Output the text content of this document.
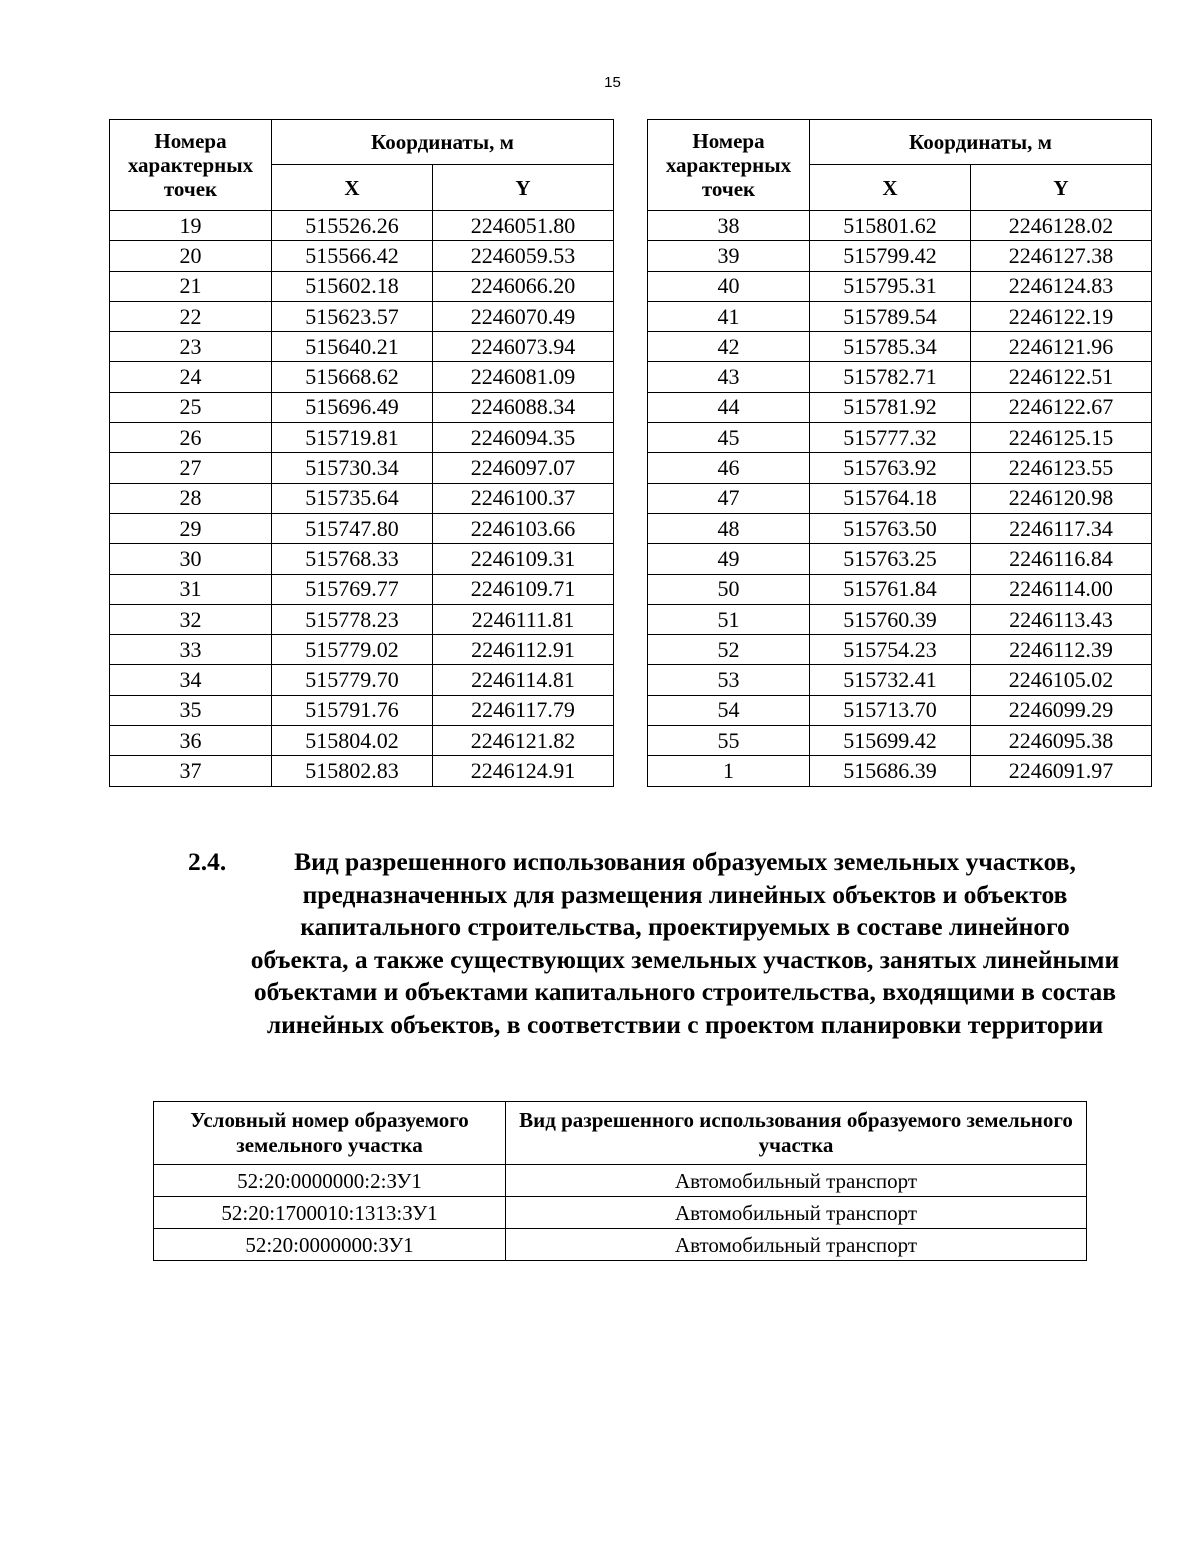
15
Номера характерных точек	Координаты, м	
	X	Y
19	515526.26	2246051.80
20	515566.42	2246059.53
21	515602.18	2246066.20
22	515623.57	2246070.49
23	515640.21	2246073.94
24	515668.62	2246081.09
25	515696.49	2246088.34
26	515719.81	2246094.35
27	515730.34	2246097.07
28	515735.64	2246100.37
29	515747.80	2246103.66
30	515768.33	2246109.31
31	515769.77	2246109.71
32	515778.23	2246111.81
33	515779.02	2246112.91
34	515779.70	2246114.81
35	515791.76	2246117.79
36	515804.02	2246121.82
37	515802.83	2246124.91
Номера характерных точек	Координаты, м	
	X	Y
38	515801.62	2246128.02
39	515799.42	2246127.38
40	515795.31	2246124.83
41	515789.54	2246122.19
42	515785.34	2246121.96
43	515782.71	2246122.51
44	515781.92	2246122.67
45	515777.32	2246125.15
46	515763.92	2246123.55
47	515764.18	2246120.98
48	515763.50	2246117.34
49	515763.25	2246116.84
50	515761.84	2246114.00
51	515760.39	2246113.43
52	515754.23	2246112.39
53	515732.41	2246105.02
54	515713.70	2246099.29
55	515699.42	2246095.38
1	515686.39	2246091.97
2.4.	Вид разрешенного использования образуемых земельных участков, предназначенных для размещения линейных объектов и объектов капитального строительства, проектируемых в составе линейного объекта, а также существующих земельных участков, занятых линейными объектами и объектами капитального строительства, входящими в состав линейных объектов, в соответствии с проектом планировки территории
Условный номер образуемого земельного участка	Вид разрешенного использования образуемого земельного участка
52:20:0000000:2:ЗУ1	Автомобильный транспорт
52:20:1700010:1313:ЗУ1	Автомобильный транспорт
52:20:0000000:ЗУ1	Автомобильный транспорт
